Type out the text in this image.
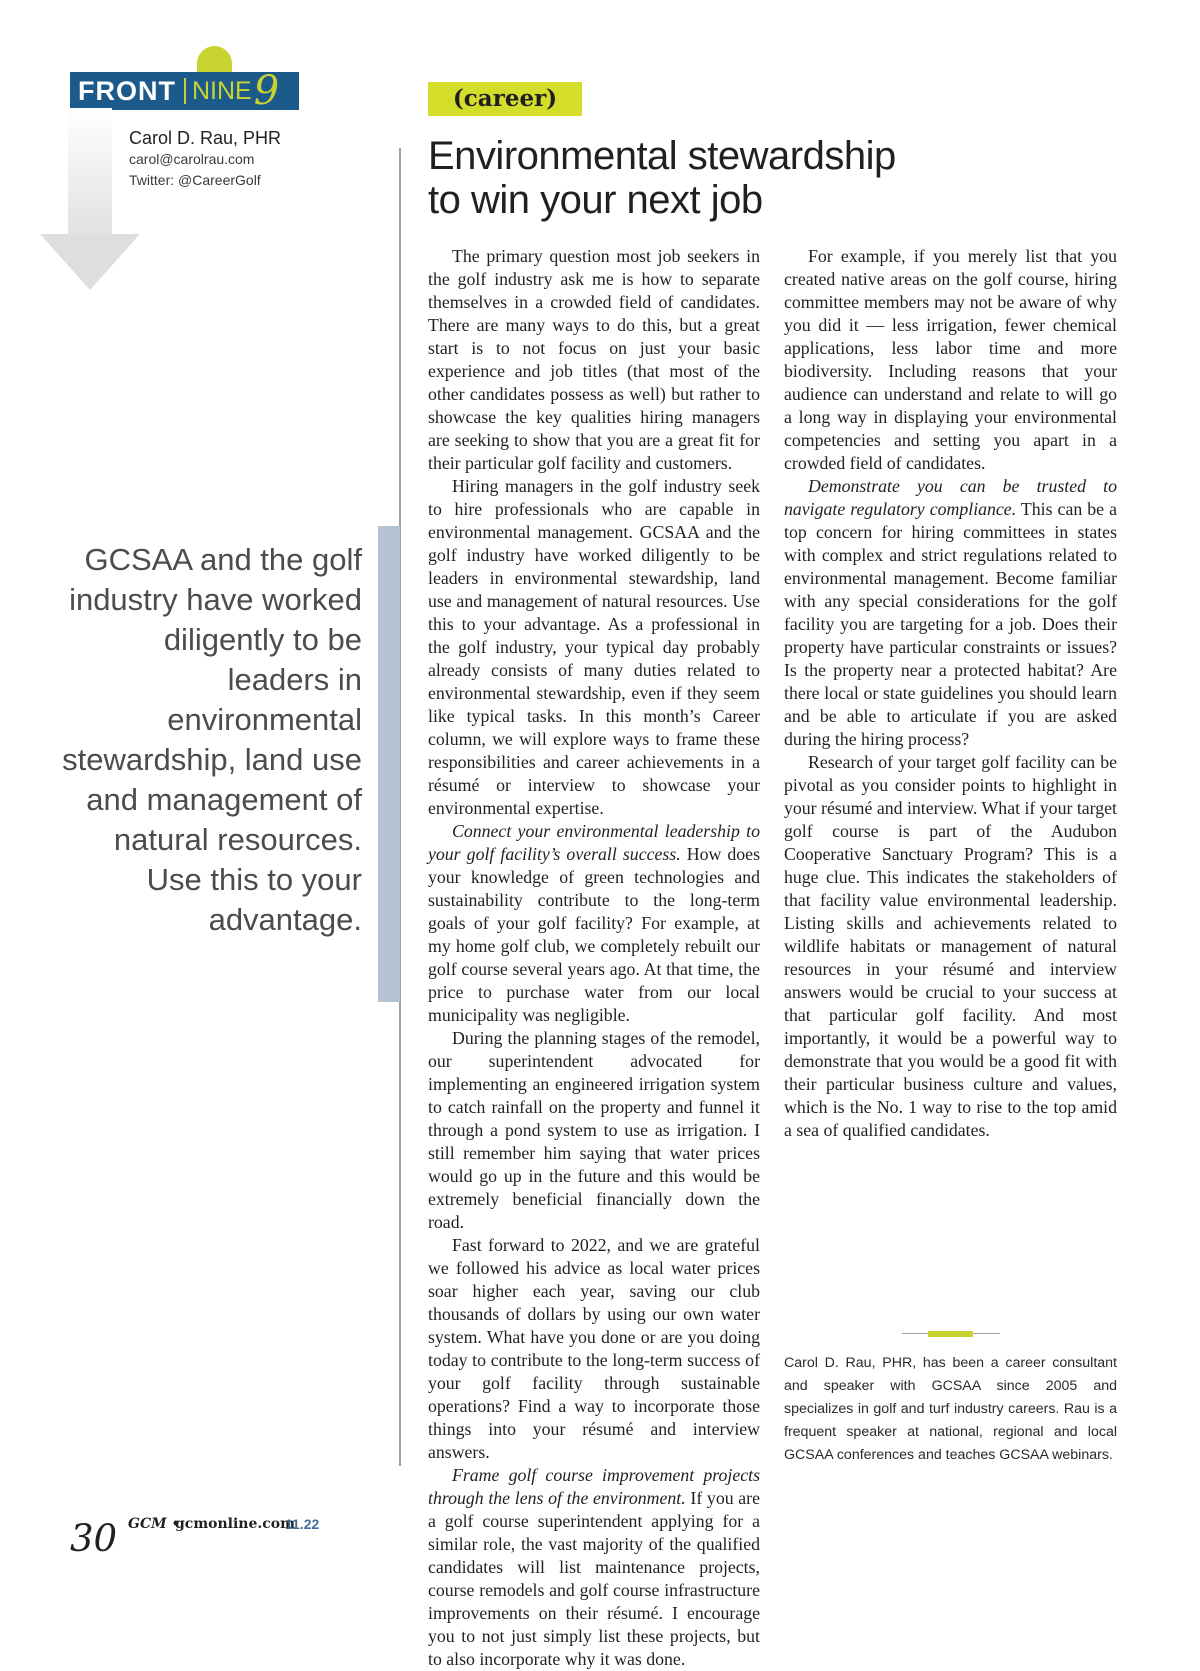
FRONT NINE 9
Carol D. Rau, PHR
carol@carolrau.com
Twitter: @CareerGolf
(career)
Environmental stewardship
to win your next job

GCSAA and the golf industry have worked diligently to be leaders in environmental stewardship, land use and management of natural resources. Use this to your advantage.

The primary question most job seekers in the golf industry ask me is how to separate themselves in a crowded field of candidates. There are many ways to do this, but a great start is to not focus on just your basic experience and job titles (that most of the other candidates possess as well) but rather to showcase the key qualities hiring managers are seeking to show that you are a great fit for their particular golf facility and customers.

Hiring managers in the golf industry seek to hire professionals who are capable in environmental management. GCSAA and the golf industry have worked diligently to be leaders in environmental stewardship, land use and management of natural resources. Use this to your advantage. As a professional in the golf industry, your typical day probably already consists of many duties related to environmental stewardship, even if they seem like typical tasks. In this month’s Career column, we will explore ways to frame these responsibilities and career achievements in a résumé or interview to showcase your environmental expertise.

Connect your environmental leadership to your golf facility’s overall success. How does your knowledge of green technologies and sustainability contribute to the long-term goals of your golf facility? For example, at my home golf club, we completely rebuilt our golf course several years ago. At that time, the price to purchase water from our local municipality was negligible.

During the planning stages of the remodel, our superintendent advocated for implementing an engineered irrigation system to catch rainfall on the property and funnel it through a pond system to use as irrigation. I still remember him saying that water prices would go up in the future and this would be extremely beneficial financially down the road.

Fast forward to 2022, and we are grateful we followed his advice as local water prices soar higher each year, saving our club thousands of dollars by using our own water system. What have you done or are you doing today to contribute to the long-term success of your golf facility through sustainable operations? Find a way to incorporate those things into your résumé and interview answers.

Frame golf course improvement projects through the lens of the environment. If you are a golf course superintendent applying for a similar role, the vast majority of the qualified candidates will list maintenance projects, course remodels and golf course infrastructure improvements on their résumé. I encourage you to not just simply list these projects, but to also incorporate why it was done.

For example, if you merely list that you created native areas on the golf course, hiring committee members may not be aware of why you did it — less irrigation, fewer chemical applications, less labor time and more biodiversity. Including reasons that your audience can understand and relate to will go a long way in displaying your environmental competencies and setting you apart in a crowded field of candidates.

Demonstrate you can be trusted to navigate regulatory compliance. This can be a top concern for hiring committees in states with complex and strict regulations related to environmental management. Become familiar with any special considerations for the golf facility you are targeting for a job. Does their property have particular constraints or issues? Is the property near a protected habitat? Are there local or state guidelines you should learn and be able to articulate if you are asked during the hiring process?

Research of your target golf facility can be pivotal as you consider points to highlight in your résumé and interview. What if your target golf course is part of the Audubon Cooperative Sanctuary Program? This is a huge clue. This indicates the stakeholders of that facility value environmental leadership. Listing skills and achievements related to wildlife habitats or management of natural resources in your résumé and interview answers would be crucial to your success at that particular golf facility. And most importantly, it would be a powerful way to demonstrate that you would be a good fit with their particular business culture and values, which is the No. 1 way to rise to the top amid a sea of qualified candidates.

Carol D. Rau, PHR, has been a career consultant and speaker with GCSAA since 2005 and specializes in golf and turf industry careers. Rau is a frequent speaker at national, regional and local GCSAA conferences and teaches GCSAA webinars.

30 GCM •
gcmonline.com
11.22
